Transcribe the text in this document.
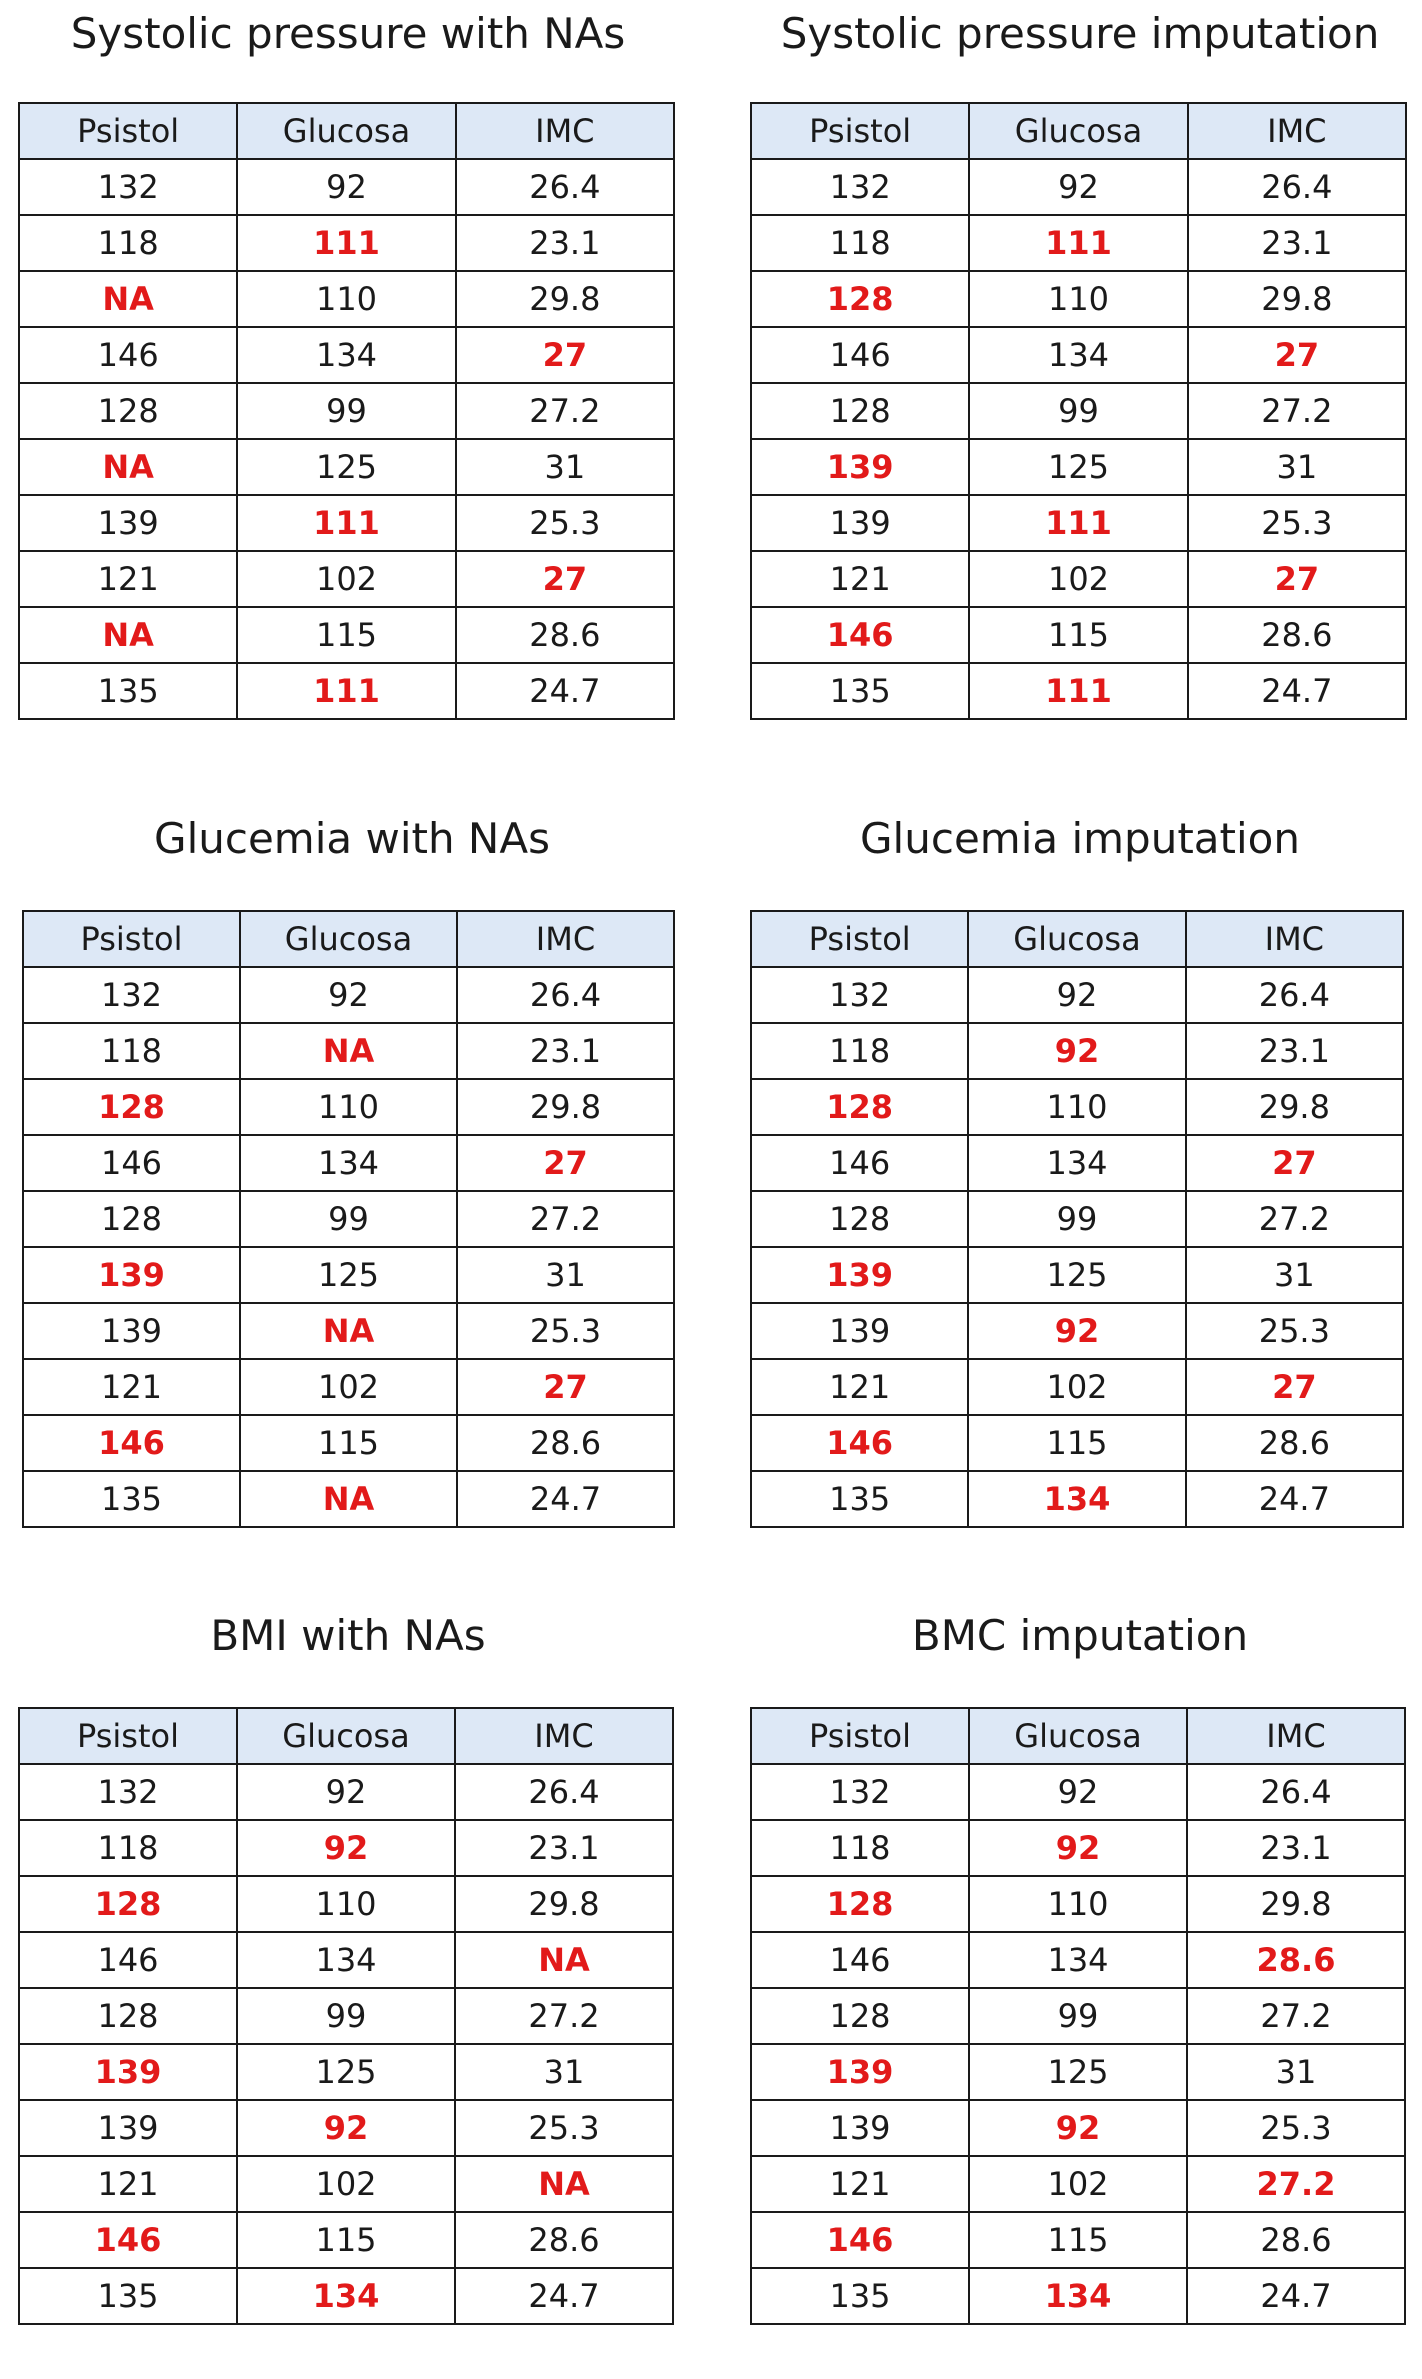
Systolic pressure with NAs
Psistol	Glucosa	IMC
132	92	26.4
118	111	23.1
NA	110	29.8
146	134	27
128	99	27.2
NA	125	31
139	111	25.3
121	102	27
NA	115	28.6
135	111	24.7
Systolic pressure imputation
Psistol	Glucosa	IMC
132	92	26.4
118	111	23.1
128	110	29.8
146	134	27
128	99	27.2
139	125	31
139	111	25.3
121	102	27
146	115	28.6
135	111	24.7
Glucemia with NAs
Psistol	Glucosa	IMC
132	92	26.4
118	NA	23.1
128	110	29.8
146	134	27
128	99	27.2
139	125	31
139	NA	25.3
121	102	27
146	115	28.6
135	NA	24.7
Glucemia imputation
Psistol	Glucosa	IMC
132	92	26.4
118	92	23.1
128	110	29.8
146	134	27
128	99	27.2
139	125	31
139	92	25.3
121	102	27
146	115	28.6
135	134	24.7
BMI with NAs
Psistol	Glucosa	IMC
132	92	26.4
118	92	23.1
128	110	29.8
146	134	NA
128	99	27.2
139	125	31
139	92	25.3
121	102	NA
146	115	28.6
135	134	24.7
BMC imputation
Psistol	Glucosa	IMC
132	92	26.4
118	92	23.1
128	110	29.8
146	134	28.6
128	99	27.2
139	125	31
139	92	25.3
121	102	27.2
146	115	28.6
135	134	24.7
